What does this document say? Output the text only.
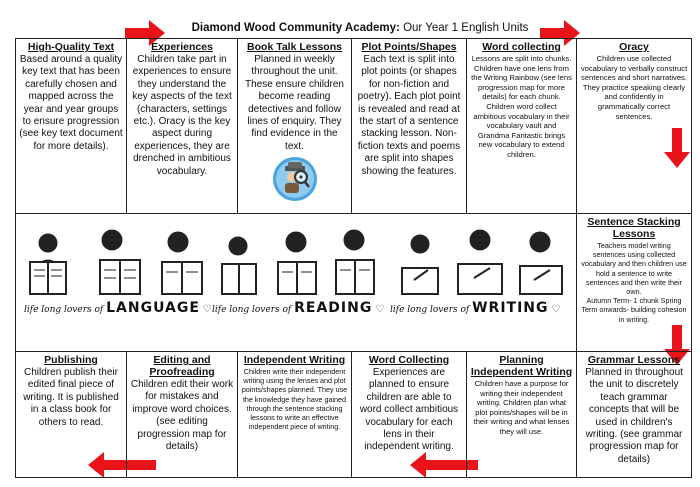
Diamond Wood Community Academy: Our Year 1 English Units
High-Quality Text
Based around a quality key text that has been carefully chosen and mapped across the year and year groups to ensure progression (see key text document for more details).
Experiences
Children take part in experiences to ensure they understand the key aspects of the text (characters, settings etc.). Oracy is the key aspect during experiences, they are drenched in ambitious vocabulary.
Book Talk Lessons
Planned in weekly throughout the unit. These ensure children become reading detectives and follow lines of enquiry. They find evidence in the text.
Plot Points/Shapes
Each text is split into plot points (or shapes for non-fiction and poetry). Each plot point is revealed and read at the start of a sentence stacking lesson. Non-fiction texts and poems are split into shapes showing the features.
Word collecting
Lessons are split into chunks. Children have one lens from the Writing Rainbow (see lens progression map for more details) for each chunk. Children word collect ambitious vocabulary in their vocabulary vault and Grandma Fantastic brings new vocabulary to extend children.
Oracy
Children use collected vocabulary to verbally construct sentences and short narratives. They practice speaking clearly and confidently in grammatically correct sentences.
life long lovers of LANGUAGE ♡ life long lovers of READING ♡ life long lovers of WRITING ♡
Sentence Stacking Lessons
Teachers model writing sentences using collected vocabulary and then children use hold a sentence to write sentences and then write their own.
Autumn Term- 1 chunk Spring Term onwards- building cohesion in writing.
Publishing
Children publish their edited final piece of writing. It is published in a class book for others to read.
Editing and Proofreading
Children edit their work for mistakes and improve word choices. (see editing progression map for details)
Independent Writing
Children write their independent writing using the lenses and plot points/shapes planned. They use the knowledge they have gained through the sentence stacking lessons to write an effective independent piece of writing.
Word Collecting
Experiences are planned to ensure children are able to word collect ambitious vocabulary for each lens in their independent writing.
Planning Independent Writing
Children have a purpose for writing their independent writing. Children plan what plot points/shapes will be in their writing and what lenses they will use.
Grammar Lessons
Planned in throughout the unit to discretely teach grammar concepts that will be used in children's writing. (see grammar progression map for details)
